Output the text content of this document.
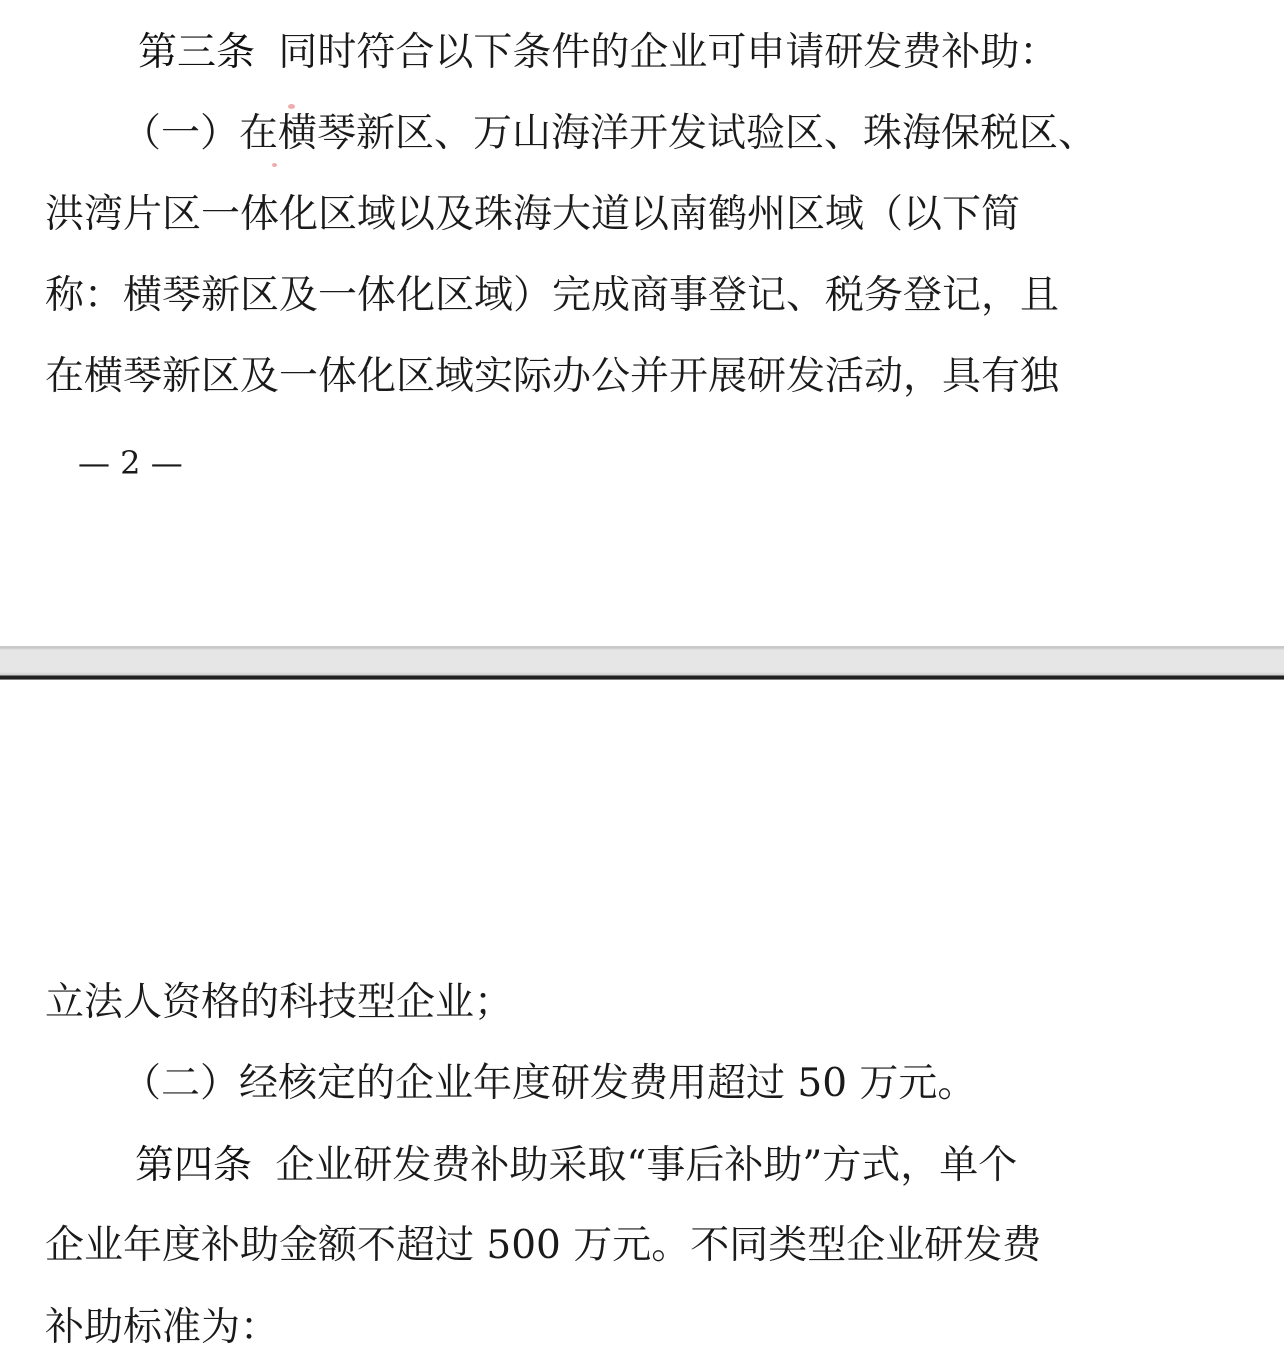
第三条 同时符合以下条件的企业可申请研发费补助：

（一）在横琴新区、万山海洋开发试验区、珠海保税区、

洪湾片区一体化区域以及珠海大道以南鹤州区域（以下简

称：横琴新区及一体化区域）完成商事登记、税务登记，且

在横琴新区及一体化区域实际办公并开展研发活动，具有独

— 2 —

立法人资格的科技型企业；

（二）经核定的企业年度研发费用超过 50 万元。

第四条 企业研发费补助采取“事后补助”方式，单个

企业年度补助金额不超过 500 万元。不同类型企业研发费

补助标准为：
